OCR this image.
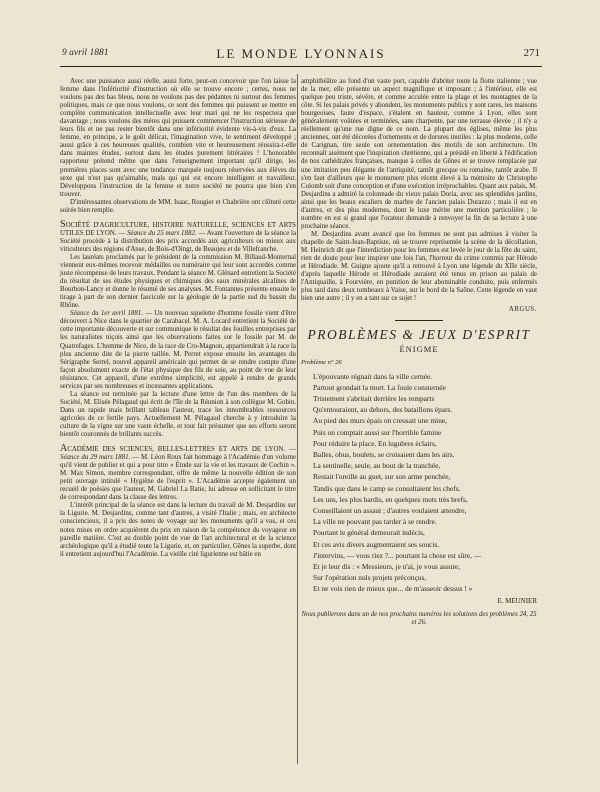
9 avril 1881	LE MONDE LYONNAIS	271

Avec une puissance aussi réelle, aussi forte, peut-on concevoir que l'on laisse la femme dans l'infériorité d'instruction où elle se trouve encore ; certes, nous ne voulons pas des bas bleus, nous ne voulons pas des pédantes ni surtout des femmes politiques, mais ce que nous voulons, ce sont des femmes qui puissent se mettre en complète communication intellectuelle avec leur mari qui ne les respectera que davantage ; nous voulons des mères qui puissent commencer l'instruction sérieuse de leurs fils et ne pas rester bientôt dans une infériorité évidente vis-à-vis d'eux. La femme, en principe, a le goût délicat, l'imagination vive, le sentiment développé ; aussi grâce à ces heureuses qualités, combien vite et heureusement réussira-t-elle dans maintes études, surtout dans les études purement littéraires ! L'honorable rapporteur prétend même que dans l'enseignement important qu'il dirige, les premières places sont avec une tendance marquée toujours réservées aux élèves du sexe qui n'est pas qu'aimable, mais qui qui est encore intelligent et travailleur. Développons l'instruction de la femme et notre société ne pourra que bien s'en trouver.

D'intéressantes observations de MM. Isaac, Rougier et Chabrière ont clôturé cette soirée bien remplie.

SOCIÉTÉ D'AGRICULTURE, HISTOIRE NATURELLE, SCIENCES ET ARTS UTILES DE LYON. — Séance du 25 mars 1882. — Avant l'ouverture de la séance la Société procède à la distribution des prix accordés aux agriculteurs ou mieux aux viticulteurs des régions d'Anse, de Bois-d'Oingt, de Beaujeu et de Villefranche.

Les lauréats proclamés par le président de la commission M. Billaud-Monternal viennent eux-mêmes recevoir médailles ou numéraire qui leur sont accordés comme juste récompense de leurs travaux. Pendant la séance M. Glénard entretient la Société du résultat de ses études physiques et chimiques des eaux minérales alcalines de Bourbon-Lancy et donne le résumé de ses analyses. M. Fontannes présente ensuite le tirage à part de son dernier fascicule sur la géologie de la partie sud du bassin du Rhône.

Séance du 1er avril 1881. — Un nouveau squelette d'homme fossile vient d'être découvert à Nice dans le quartier de Carabacel. M. A. Locard entretient la Société de cette importante découverte et sur communique le résultat des fouilles entreprises par les naturalistes niçois ainsi que les observations faites sur le fossile par M. de Quatrefages. L'homme de Nice, de la race de Cro-Magnon, appartiendrait à la race la plus ancienne dite de la pierre taillée. M. Perret expose ensuite les avantages du Sérigraphe Serrel, nouvel appareil américain qui permet de se rendre compte d'une façon absolument exacte de l'état physique des fils de soie, au point de vue de leur résistance. Cet appareil, d'une extrême simplicité, est appelé à rendre de grands services par ses nombreuses et incessantes applications.

La séance est terminée par la lecture d'une lettre de l'un des membres de la Société, M. Elisée Pélagaud qui écrit de l'île de la Réunion à son collègue M. Gobin. Dans un rapide mais brillant tableau l'auteur, trace les innombrables ressources agricoles de ce fertile pays. Actuellement M. Pélagaud cherche à y introduire la culture de la vigne sur une vaste échelle, et tout fait présumer que ses efforts seront bientôt couronnés de brillants succès.

ACADÉMIE DES SCIENCES, BELLES-LETTRES ET ARTS DE LYON. — Séance du 29 mars 1881. — M. Léon Roux fait hommage à l'Académie d'un volume qu'il vient de publier et qui a pour titre « Étude sur la vie et les travaux de Cochin ». M. Max Simon, membre correspondant, offre de même la nouvelle édition de son petit ouvrage intitulé « Hygiène de l'esprit ». L'Académie accepte également un recueil de poésies que l'auteur, M. Gabriel La Batie, lui adresse en sollicitant le titre de correspondant dans la classe des lettres.

L'intérêt principal de la séance est dans la lecture du travail de M. Desjardins sur la Ligurie. M. Desjardins, comme tant d'autres, a visité l'Italie ; mais, en architecte consciencieux, il a pris des notes de voyage sur les monuments qu'il a vus, et ces notes mises en ordre acquièrent du prix en raison de la compétence du voyageur en pareille matière. C'est au double point de vue de l'art architectural et de la science archéologique qu'il a étudié toute la Ligurie, et, en particulier, Gênes la superbe, dont il entretient aujourd'hui l'Académie. La vieille cité ligurienne est bâtie en

amphithéâtre au fond d'un vaste port, capable d'abriter toute la flotte italienne ; vue de la mer, elle présente un aspect magnifique et imposant ; à l'intérieur, elle est quelque peu triste, sévère, et comme acculée entre la plage et les montagnes de la côte. Si les palais privés y abondent, les monuments publics y sont rares, les maisons bourgeoises, faute d'espace, s'étalent en hauteur, comme à Lyon, elles sont généralement voûtées et terminées, sans charpente, par une terrasse élevée ; il n'y a réellement qu'une rue digne de ce nom. La plupart des églises, même les plus anciennes, ont été décorées d'ornements et de dorures inutiles : la plus moderne, celle de Carignan, tire seule son ornementation des motifs de son architecture. On reconnaît aisément que l'inspiration chrétienne, qui a présidé en liberté à l'édification de nos cathédrales françaises, manque à celles de Gênes et se trouve remplacée par une imitation peu élégante de l'antiquité, tantôt grecque ou romaine, tantôt arabe. Il s'en faut d'ailleurs que le monument plus récent élevé à la mémoire de Christophe Colomb soit d'une conception et d'une exécution irréprochables. Quant aux palais, M. Desjardins a admiré la colonnade du vieux palais Doria, avec ses splendides jardins, ainsi que les beaux escaliers de marbre de l'ancien palais Durazzo ; mais il est en d'autres, et des plus modernes, dont le luxe mérite une mention particulière ; le nombre en est si grand que l'orateur demande à renvoyer la fin de sa lecture à une prochaine séance.

M. Desjardins avant avancé que les femmes ne sont pas admises à visiter la chapelle de Saint-Jean-Baptiste, où se trouve représentée la scène de la décollation, M. Heinrich dit que l'interdiction pour les femmes est levée le jour de la fête du saint, rien de doute pour leur inspirer une fois l'an, l'horreur du crime commis par Hérode et Hérodiade. M. Guigue ajoute qu'il a retrouvé à Lyon une légende du XIIe siècle, d'après laquelle Hérode et Hérodiade auraient été tenus en prison au palais de l'Antiquaille, à Fourvière, en punition de leur abominable conduite, puis enfermés plus tard dans deux tombeaux à Vaise, sur le bord de la Saône. Cette légende en vaut bien une autre ; il y en a tant sur ce sujet !

ARGUS.
PROBLÈMES & JEUX D'ESPRIT
ÉNIGME
Problème n° 26
L'épouvante régnait dans la ville cernée.
Partout grondait la mort. La foule consternée
Tristement s'abritait derrière les remparts
Qu'entouraient, au dehors, des bataillons épars.
Au pied des murs épais on creusait une mine,
Puis on comptait aussi sur l'horrible famine
Pour réduire la place. En lugubres éclairs,
Balles, obus, boulets, se croisaient dans les airs.
La sentinelle, seule, au bout de la tranchée,
Restait l'oreille au guet, sur son arme penchée,
Tandis que dans le camp se consultaient les chefs.
Les uns, les plus hardis, en quelques mots très brefs,
Conseillaient un assaut ; d'autres voulaient attendre,
La ville ne pouvant pas tarder à se rendre.
Pourtant le général demeurait indécis,
Et ces avis divers augmentaient ses soucis.
J'intervins, — vous riez ?... pourtant la chose est sûre, —
Et je leur dis : « Messieurs, je n'ai, je vous assure,
Sur l'opération nuls projets préconçus,
Et ne vois rien de mieux que... de m'asseoir dessus ! »
E. MEUNIER
Nous publierons dans un de nos prochains numéros les solutions des problèmes 24, 25 et 26.
